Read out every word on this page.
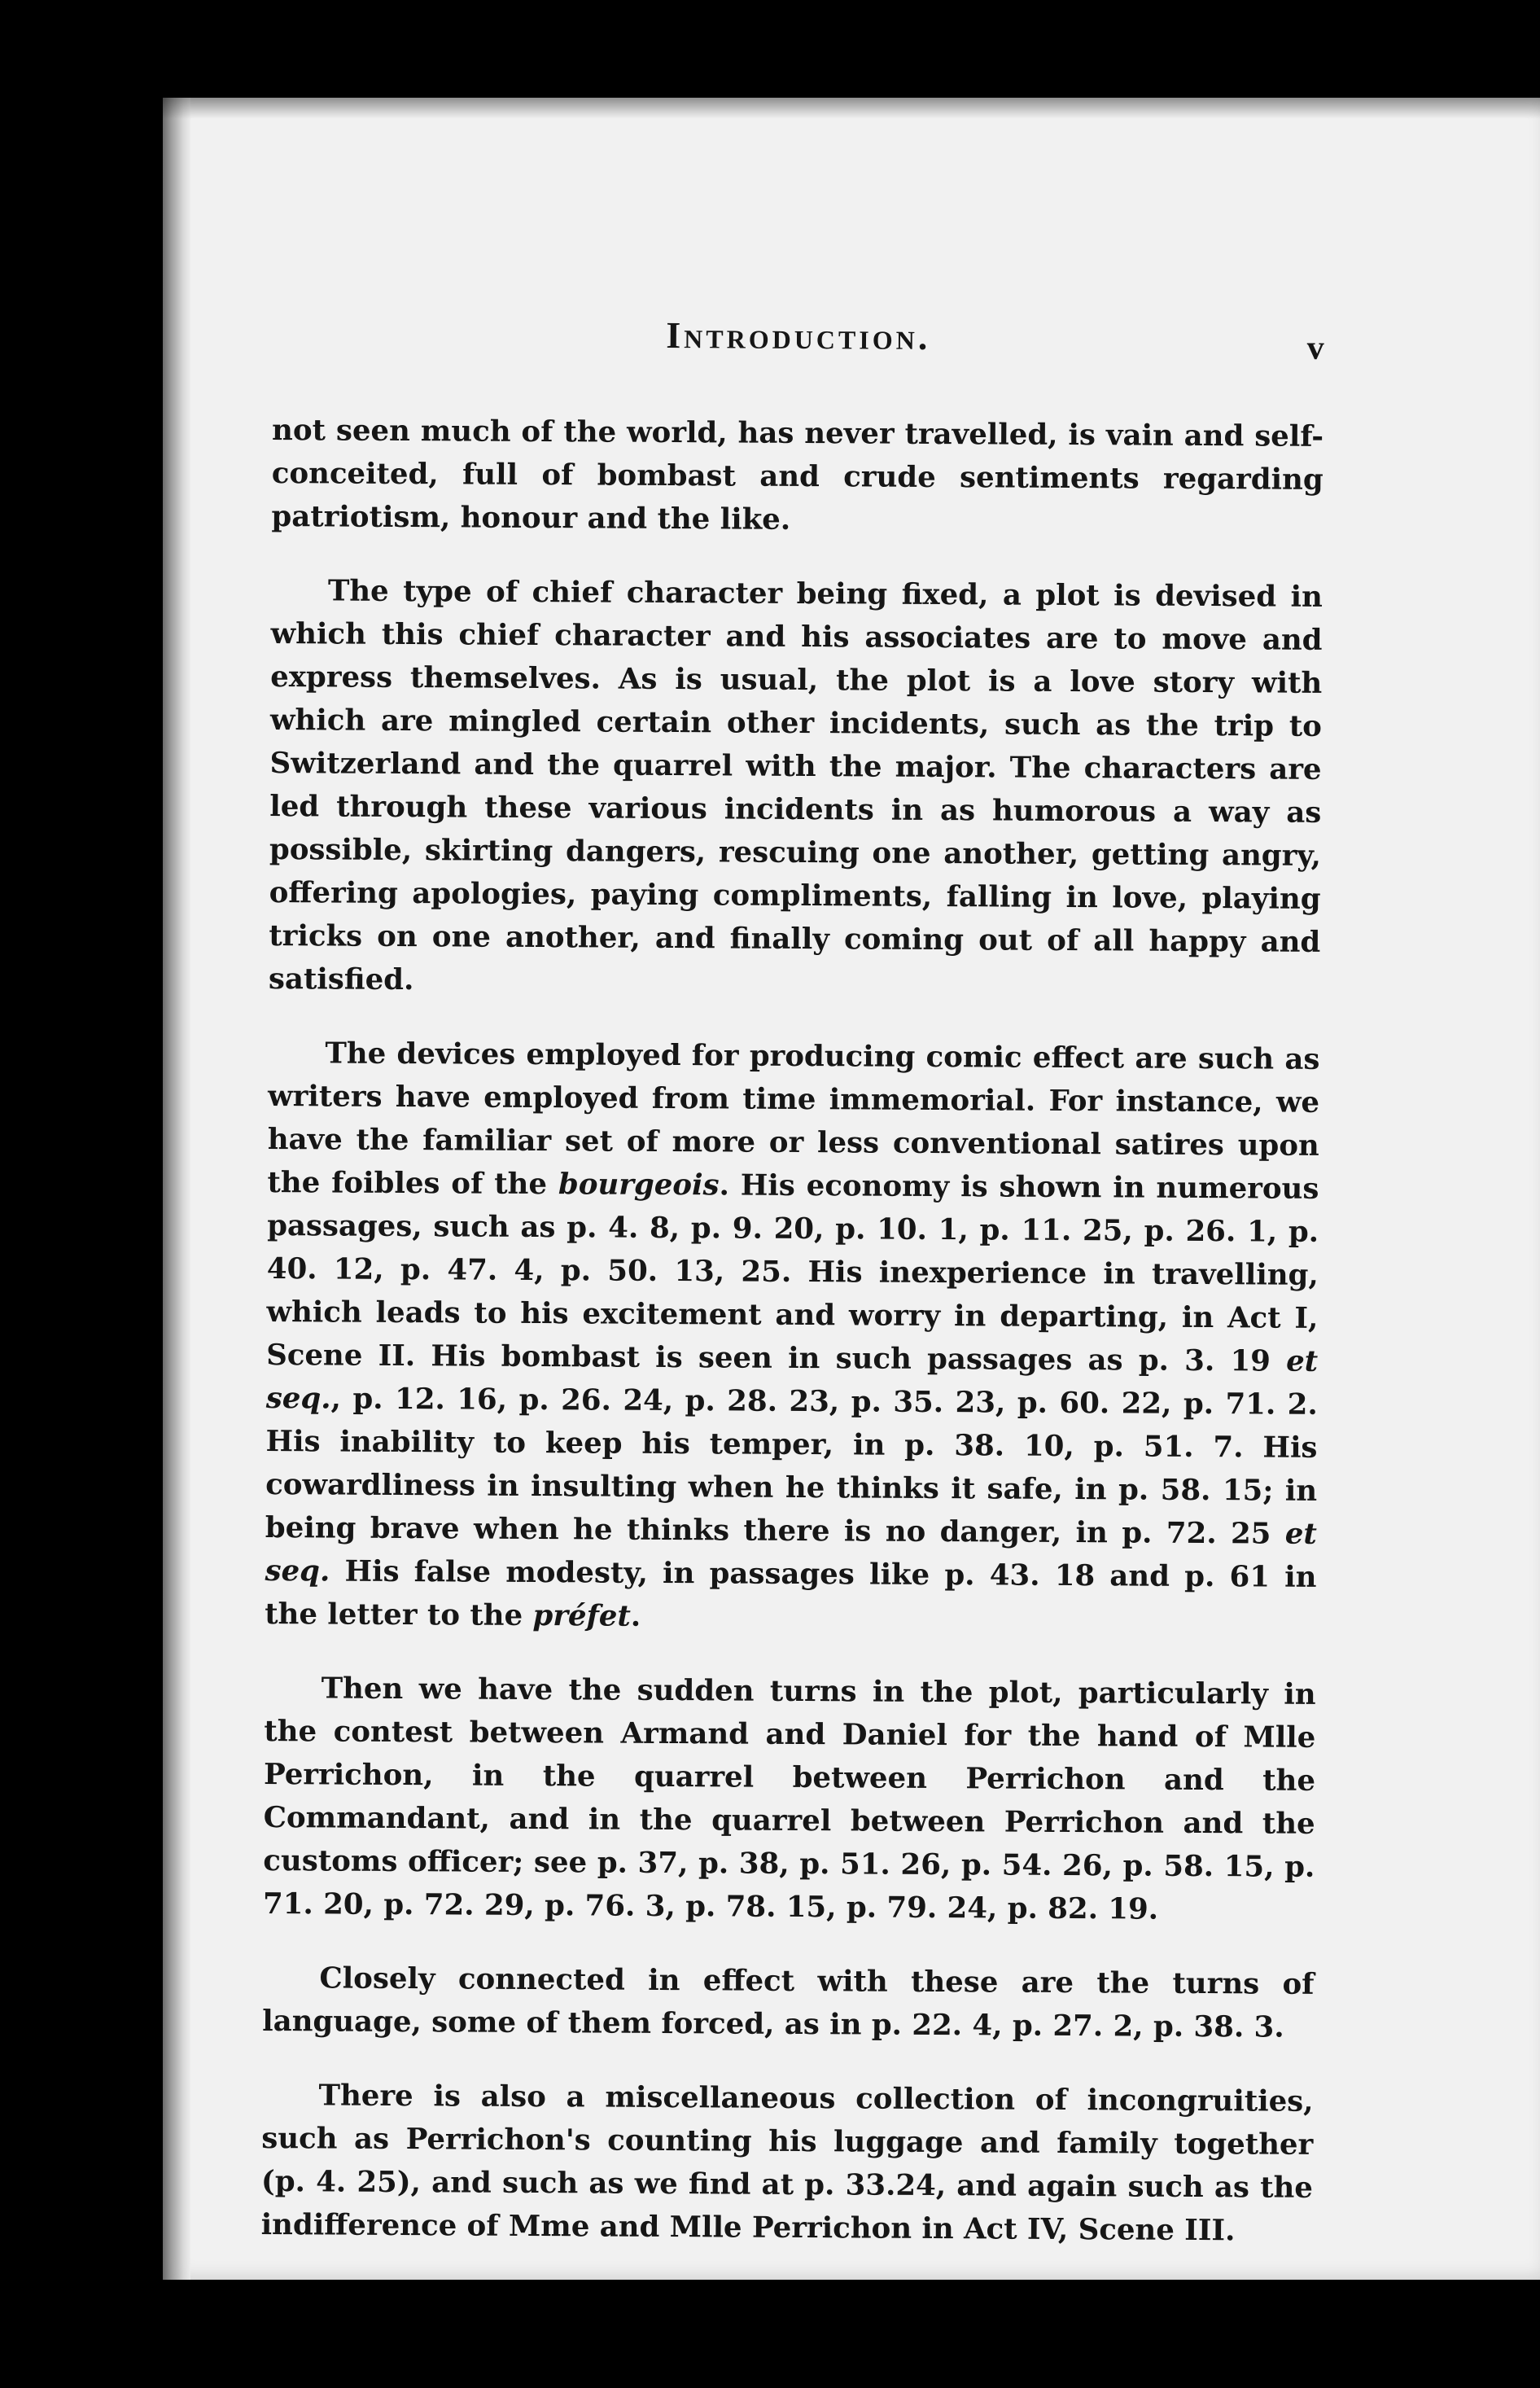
Introduction.	v

not seen much of the world, has never travelled, is vain and self-conceited, full of bombast and crude sentiments regarding patriotism, honour and the like.

The type of chief character being fixed, a plot is devised in which this chief character and his associates are to move and express themselves. As is usual, the plot is a love story with which are mingled certain other incidents, such as the trip to Switzerland and the quarrel with the major. The characters are led through these various incidents in as humorous a way as possible, skirting dangers, rescuing one another, getting angry, offering apologies, paying compliments, falling in love, playing tricks on one another, and finally coming out of all happy and satisfied.

The devices employed for producing comic effect are such as writers have employed from time immemorial. For instance, we have the familiar set of more or less conventional satires upon the foibles of the bourgeois. His economy is shown in numerous passages, such as p. 4. 8, p. 9. 20, p. 10. 1, p. 11. 25, p. 26. 1, p. 40. 12, p. 47. 4, p. 50. 13, 25. His inexperience in travelling, which leads to his excitement and worry in departing, in Act I, Scene II. His bombast is seen in such passages as p. 3. 19 et seq., p. 12. 16, p. 26. 24, p. 28. 23, p. 35. 23, p. 60. 22, p. 71. 2. His inability to keep his temper, in p. 38. 10, p. 51. 7. His cowardliness in insulting when he thinks it safe, in p. 58. 15; in being brave when he thinks there is no danger, in p. 72. 25 et seq. His false modesty, in passages like p. 43. 18 and p. 61 in the letter to the préfet.

Then we have the sudden turns in the plot, particularly in the contest between Armand and Daniel for the hand of Mlle Perrichon, in the quarrel between Perrichon and the Commandant, and in the quarrel between Perrichon and the customs officer; see p. 37, p. 38, p. 51. 26, p. 54. 26, p. 58. 15, p. 71. 20, p. 72. 29, p. 76. 3, p. 78. 15, p. 79. 24, p. 82. 19.

Closely connected in effect with these are the turns of language, some of them forced, as in p. 22. 4, p. 27. 2, p. 38. 3.

There is also a miscellaneous collection of incongruities, such as Perrichon's counting his luggage and family together (p. 4. 25), and such as we find at p. 33.24, and again such as the indifference of Mme and Mlle Perrichon in Act IV, Scene III.
